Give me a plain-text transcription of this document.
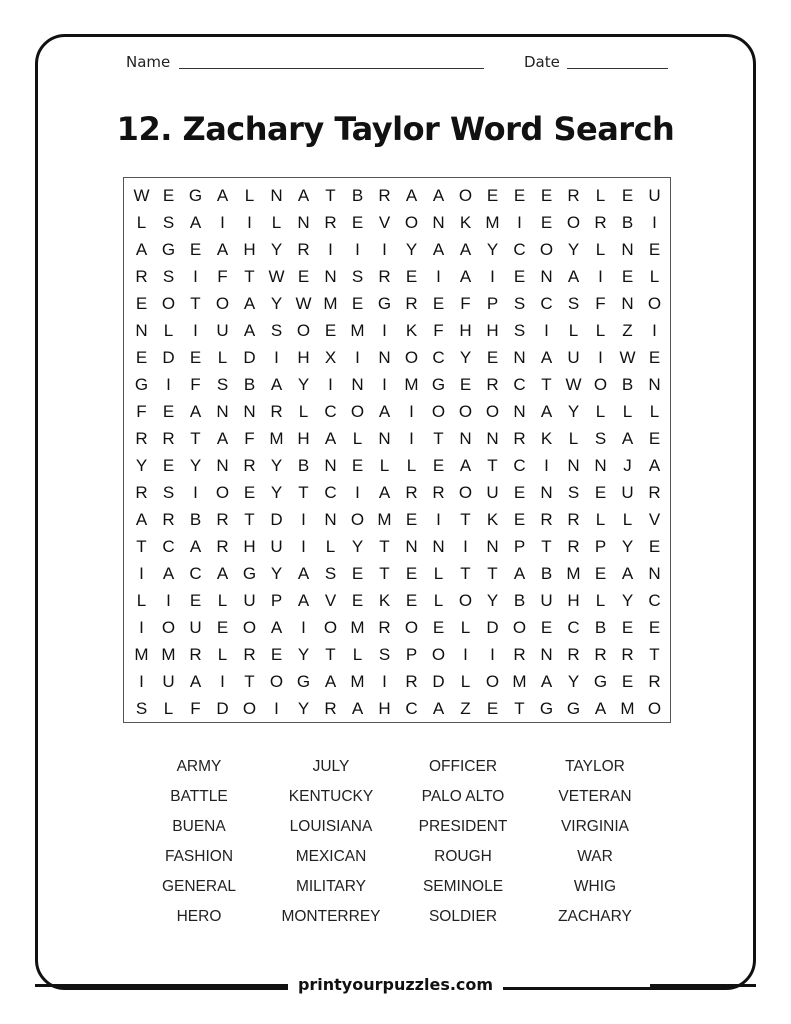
Name	Date
12. Zachary Taylor Word Search
W E G A L N A T B R A A O E E E R L E U
L S A	I	I	L N R E V O N K M	I	E O R B	I
A G E A H Y R	I	I	I	Y A A Y C O Y L N E
R S	I	F T W E N S R E	I	A	I	E N A	I	E L
E O T O A Y W M E G R E F P S C S F N O
N L	I	U A S O E M	I	K F H H S	I	L	L	Z	I
E D E L D	I	H X	I	N O C Y E N A U	I W E
G	I	F S B A Y	I	N	I	M G E R C T W O B N
F E A N N R L C O A	I	O O O N A Y L	L	L
R R T A F M H A L N	I	T N N R K L S A E
Y E Y N R Y B N E L	L E A T C	I	N N J	A
R S	I	O E Y T C	I	A R R O U E N S E U R
A R B R T D	I	N O M E	I	T K E R R L	L V
T C A R H U	I	L Y T N N	I	N P T R P Y E
I	A C A G Y A S E T E L	T T A B M E A N
L	I	E L U P A V E K E L O Y B U H L Y C
I	O U E O A	I	O M R O E L D O E C B E E
M M R L R E Y T	L S P O	I	I	R N R R R T
I	U A	I	T O G A M	I	R D L O M A Y G E R
S L	F D O	I	Y R A H C A Z E T G G A M O
ARMY
BATTLE
BUENA
FASHION
GENERAL
HERO
JULY
KENTUCKY
LOUISIANA
MEXICAN
MILITARY
MONTERREY
OFFICER
PALO ALTO
PRESIDENT
ROUGH
SEMINOLE
SOLDIER
TAYLOR
VETERAN
VIRGINIA
WAR
WHIG
ZACHARY
printyourpuzzles.com
